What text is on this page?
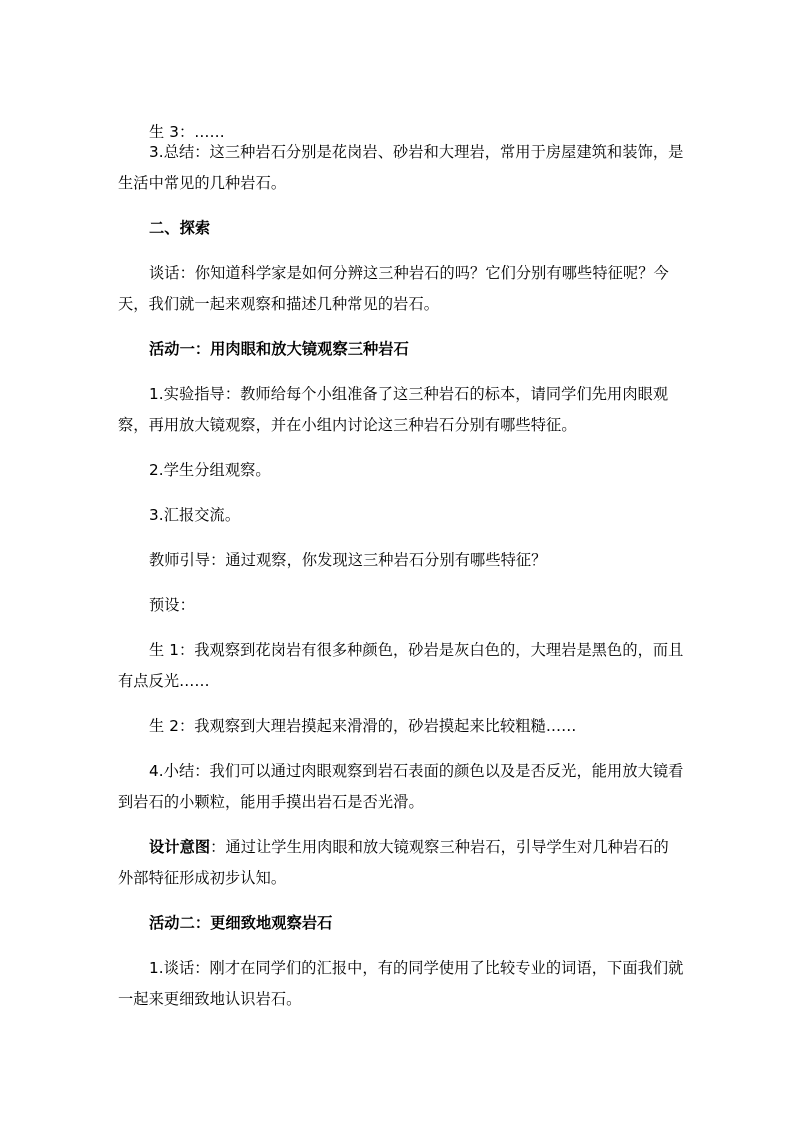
生 3：……

3.总结：这三种岩石分别是花岗岩、砂岩和大理岩，常用于房屋建筑和装饰，是生活中常见的几种岩石。

二、探索

谈话：你知道科学家是如何分辨这三种岩石的吗？它们分别有哪些特征呢？今天，我们就一起来观察和描述几种常见的岩石。

活动一：用肉眼和放大镜观察三种岩石

1.实验指导：教师给每个小组准备了这三种岩石的标本，请同学们先用肉眼观察，再用放大镜观察，并在小组内讨论这三种岩石分别有哪些特征。

2.学生分组观察。

3.汇报交流。

教师引导：通过观察，你发现这三种岩石分别有哪些特征？

预设：

生 1：我观察到花岗岩有很多种颜色，砂岩是灰白色的，大理岩是黑色的，而且有点反光……

生 2：我观察到大理岩摸起来滑滑的，砂岩摸起来比较粗糙……

4.小结：我们可以通过肉眼观察到岩石表面的颜色以及是否反光，能用放大镜看到岩石的小颗粒，能用手摸出岩石是否光滑。

设计意图：通过让学生用肉眼和放大镜观察三种岩石，引导学生对几种岩石的外部特征形成初步认知。

活动二：更细致地观察岩石

1.谈话：刚才在同学们的汇报中，有的同学使用了比较专业的词语，下面我们就一起来更细致地认识岩石。
